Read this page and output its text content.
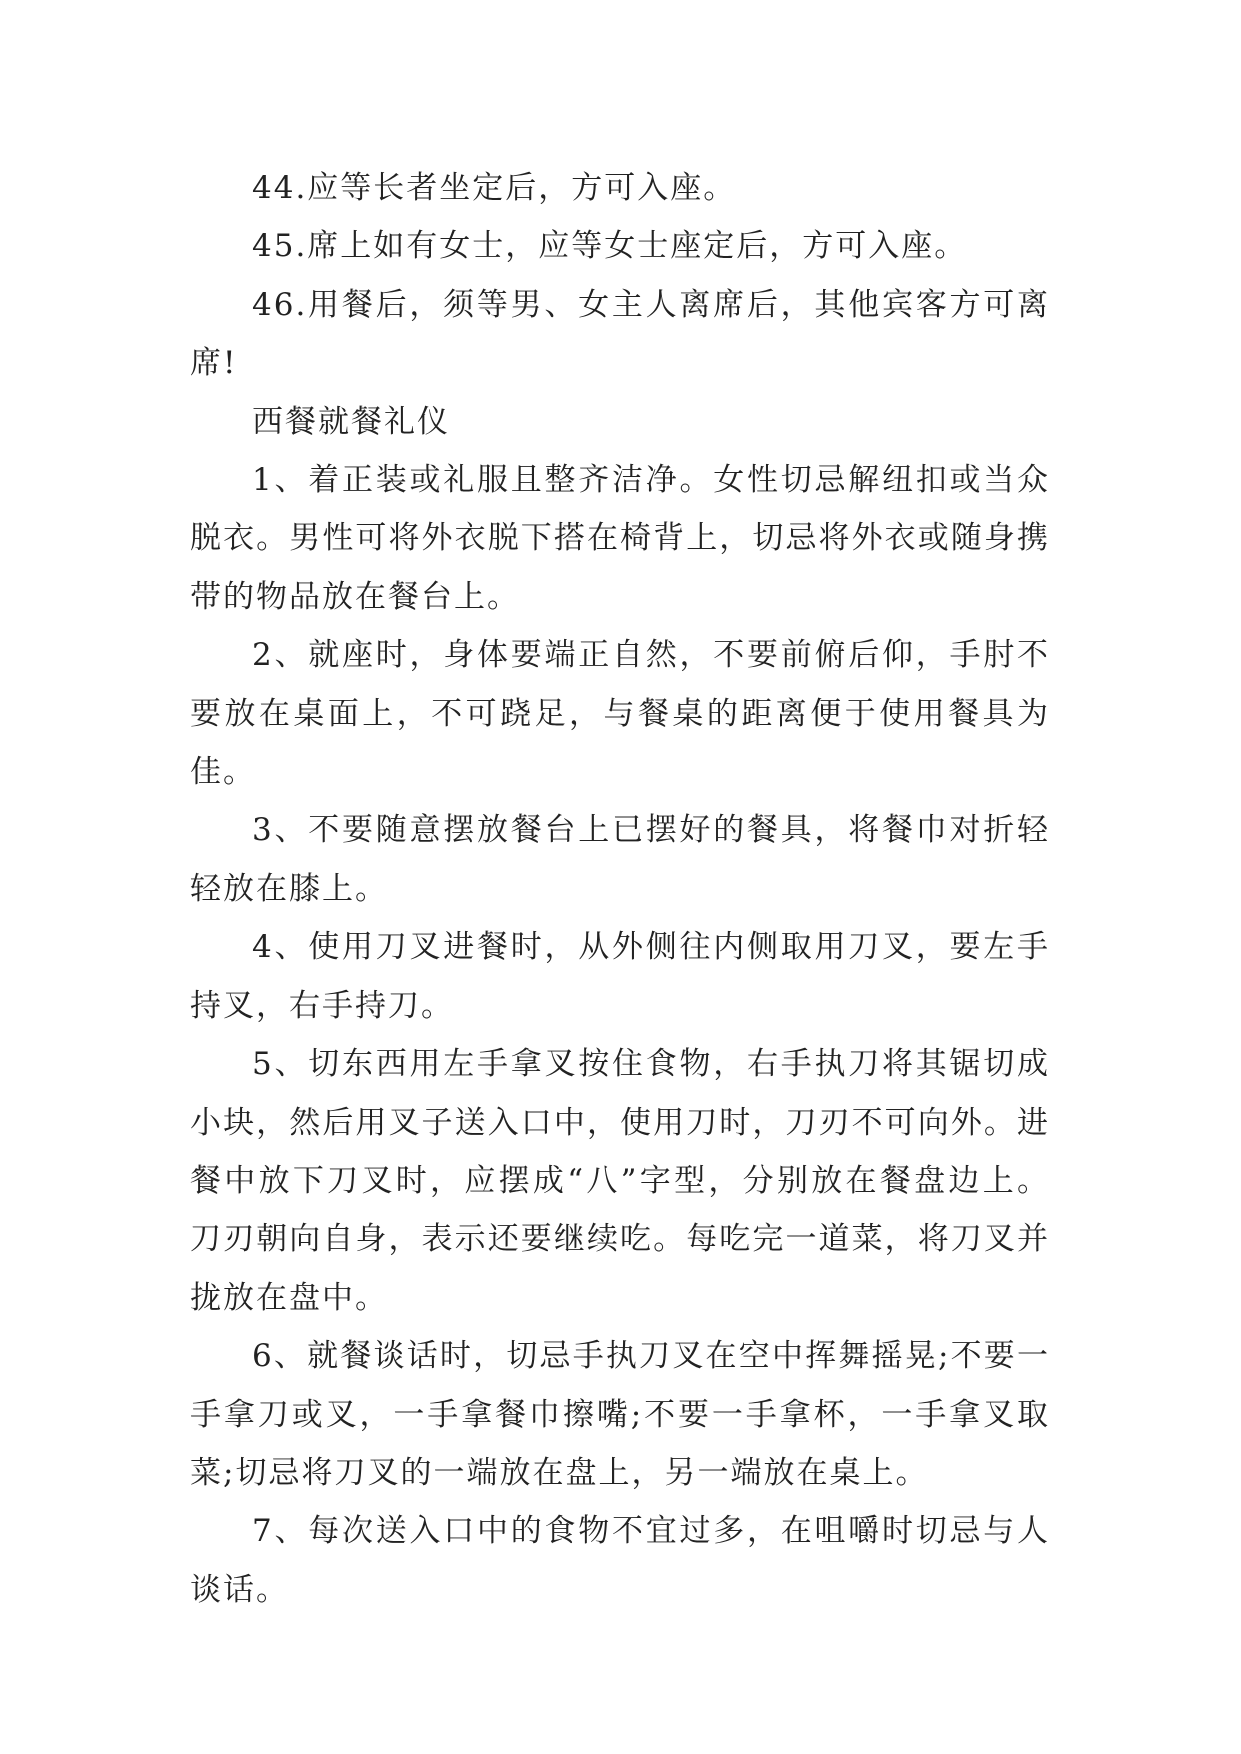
44.应等长者坐定后，方可入座。

45.席上如有女士，应等女士座定后，方可入座。

46.用餐后，须等男、女主人离席后，其他宾客方可离席!

西餐就餐礼仪

1、着正装或礼服且整齐洁净。女性切忌解纽扣或当众脱衣。男性可将外衣脱下搭在椅背上，切忌将外衣或随身携带的物品放在餐台上。

2、就座时，身体要端正自然，不要前俯后仰，手肘不要放在桌面上，不可跷足，与餐桌的距离便于使用餐具为佳。

3、不要随意摆放餐台上已摆好的餐具，将餐巾对折轻轻放在膝上。

4、使用刀叉进餐时，从外侧往内侧取用刀叉，要左手持叉，右手持刀。

5、切东西用左手拿叉按住食物，右手执刀将其锯切成小块，然后用叉子送入口中，使用刀时，刀刃不可向外。进餐中放下刀叉时，应摆成“八”字型，分别放在餐盘边上。刀刃朝向自身，表示还要继续吃。每吃完一道菜，将刀叉并拢放在盘中。

6、就餐谈话时，切忌手执刀叉在空中挥舞摇晃;不要一手拿刀或叉，一手拿餐巾擦嘴;不要一手拿杯，一手拿叉取菜;切忌将刀叉的一端放在盘上，另一端放在桌上。

7、每次送入口中的食物不宜过多，在咀嚼时切忌与人谈话。
